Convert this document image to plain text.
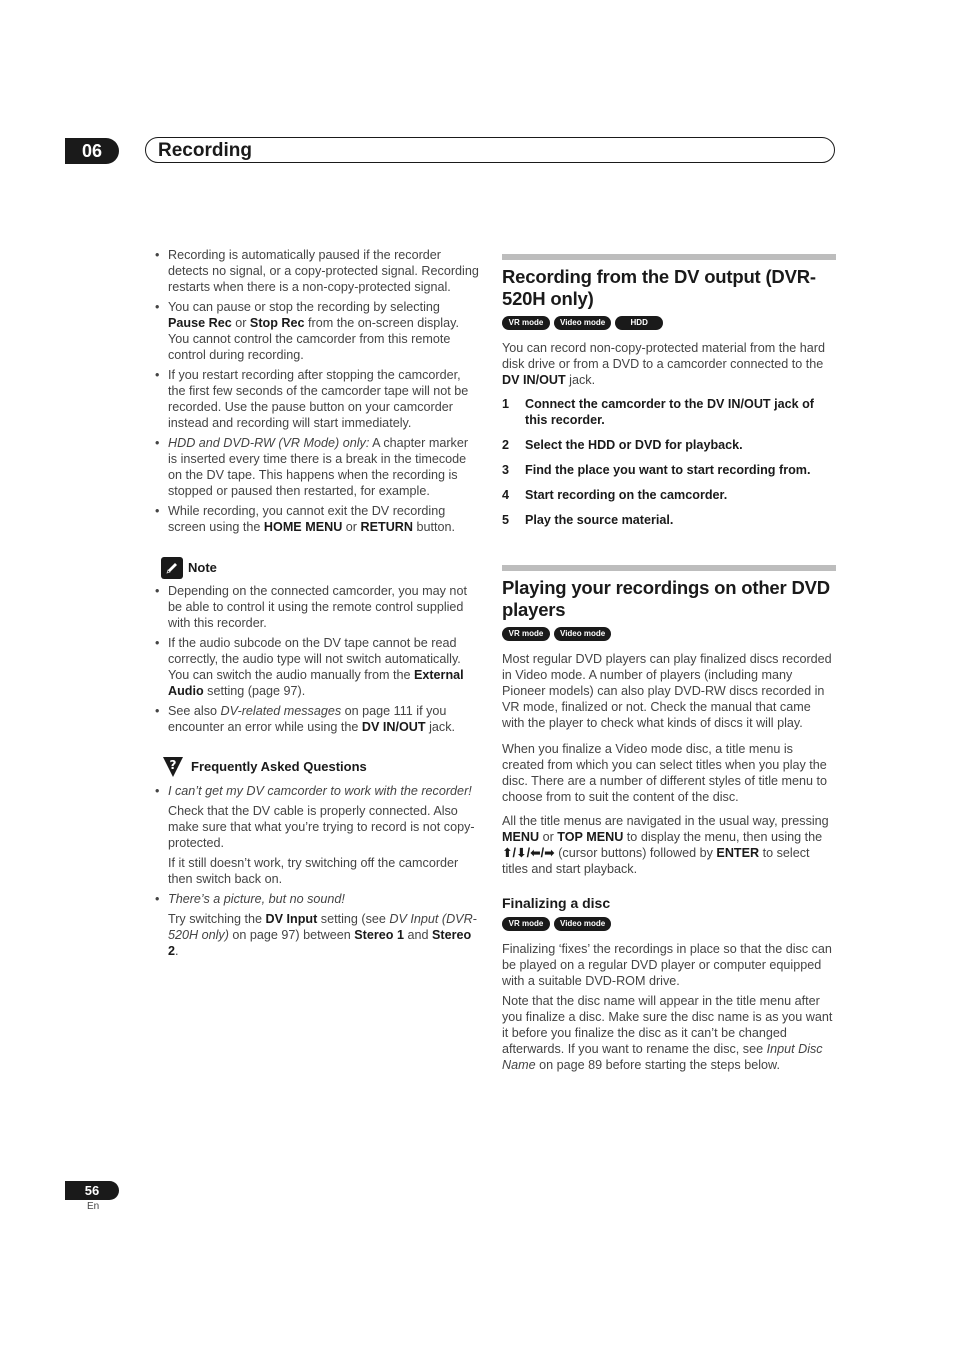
06	Recording
• Recording is automatically paused if the recorder detects no signal, or a copy-protected signal. Recording restarts when there is a non-copy-protected signal.
• You can pause or stop the recording by selecting Pause Rec or Stop Rec from the on-screen display. You cannot control the camcorder from this remote control during recording.
• If you restart recording after stopping the camcorder, the first few seconds of the camcorder tape will not be recorded. Use the pause button on your camcorder instead and recording will start immediately.
• HDD and DVD-RW (VR Mode) only: A chapter marker is inserted every time there is a break in the timecode on the DV tape. This happens when the recording is stopped or paused then restarted, for example.
• While recording, you cannot exit the DV recording screen using the HOME MENU or RETURN button.
Note
• Depending on the connected camcorder, you may not be able to control it using the remote control supplied with this recorder.
• If the audio subcode on the DV tape cannot be read correctly, the audio type will not switch automatically. You can switch the audio manually from the External Audio setting (page 97).
• See also DV-related messages on page 111 if you encounter an error while using the DV IN/OUT jack.
? Frequently Asked Questions
• I can’t get my DV camcorder to work with the recorder!
Check that the DV cable is properly connected. Also make sure that what you’re trying to record is not copy-protected.
If it still doesn’t work, try switching off the camcorder then switch back on.
• There’s a picture, but no sound!
Try switching the DV Input setting (see DV Input (DVR-520H only) on page 97) between Stereo 1 and Stereo 2.
Recording from the DV output (DVR-520H only)
VR mode	Video mode	HDD

You can record non-copy-protected material from the hard disk drive or from a DVD to a camcorder connected to the DV IN/OUT jack.

1 Connect the camcorder to the DV IN/OUT jack of this recorder.
2 Select the HDD or DVD for playback.
3 Find the place you want to start recording from.
4 Start recording on the camcorder.
5 Play the source material.
Playing your recordings on other DVD players
VR mode	Video mode

Most regular DVD players can play finalized discs recorded in Video mode. A number of players (including many Pioneer models) can also play DVD-RW discs recorded in VR mode, finalized or not. Check the manual that came with the player to check what kinds of discs it will play.

When you finalize a Video mode disc, a title menu is created from which you can select titles when you play the disc. There are a number of different styles of title menu to choose from to suit the content of the disc.

All the title menus are navigated in the usual way, pressing MENU or TOP MENU to display the menu, then using the ⬆/⬇/⬅/➡ (cursor buttons) followed by ENTER to select titles and start playback.

Finalizing a disc
VR mode	Video mode

Finalizing ‘fixes’ the recordings in place so that the disc can be played on a regular DVD player or computer equipped with a suitable DVD-ROM drive.

Note that the disc name will appear in the title menu after you finalize a disc. Make sure the disc name is as you want it before you finalize the disc as it can’t be changed afterwards. If you want to rename the disc, see Input Disc Name on page 89 before starting the steps below.

56
En
